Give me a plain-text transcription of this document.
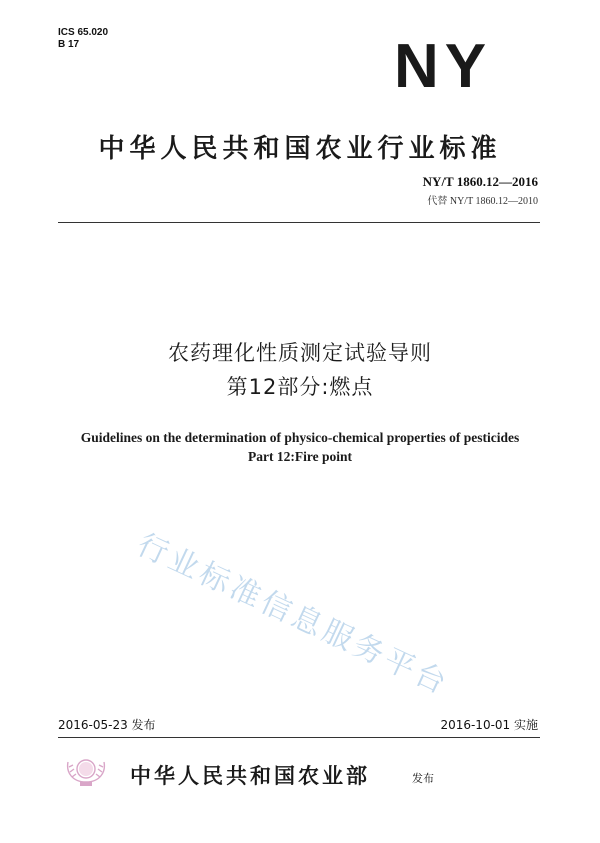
ICS 65.020
B 17	NY
中华人民共和国农业行业标准
NY/T 1860.12—2016
代替 NY/T 1860.12—2010
农药理化性质测定试验导则
第12部分:燃点
Guidelines on the determination of physico-chemical properties of pesticides
Part 12:Fire point
行业标准信息服务平台
2016-05-23 发布	2016-10-01 实施
中华人民共和国农业部	发布
